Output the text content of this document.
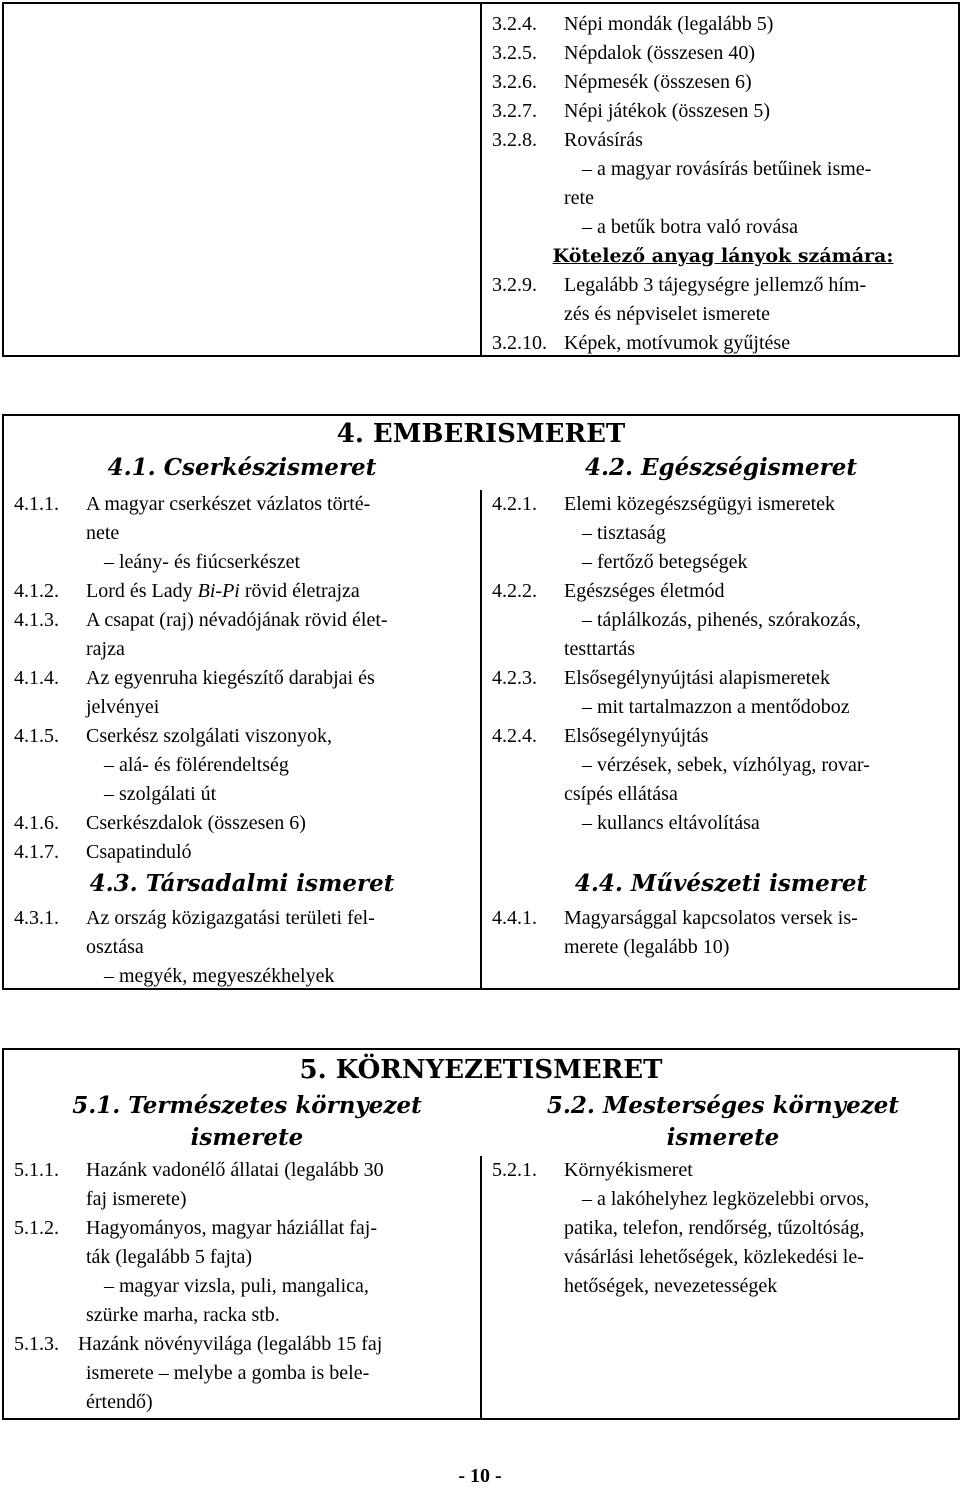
3.2.4. Népi mondák (legalább 5)
3.2.5. Népdalok (összesen 40)
3.2.6. Népmesék (összesen 6)
3.2.7. Népi játékok (összesen 5)
3.2.8. Rovásírás
– a magyar rovásírás betűinek isme-
rete
– a betűk botra való rovása
Kötelező anyag lányok számára:
3.2.9. Legalább 3 tájegységre jellemző hím-
zés és népviselet ismerete
3.2.10. Képek, motívumok gyűjtése
4. EMBERISMERET
4.1. Cserkészismeret	4.2. Egészségismeret
4.1.1. A magyar cserkészet vázlatos törté-
nete
– leány- és fiúcserkészet
4.1.2. Lord és Lady Bi-Pi rövid életrajza
4.1.3. A csapat (raj) névadójának rövid élet-
rajza
4.1.4. Az egyenruha kiegészítő darabjai és
jelvényei
4.1.5. Cserkész szolgálati viszonyok,
– alá- és fölérendeltség
– szolgálati út
4.1.6. Cserkészdalok (összesen 6)
4.1.7. Csapatinduló
4.2.1. Elemi közegészségügyi ismeretek
– tisztaság
– fertőző betegségek
4.2.2. Egészséges életmód
– táplálkozás, pihenés, szórakozás,
testtartás
4.2.3. Elsősegélynyújtási alapismeretek
– mit tartalmazzon a mentődoboz
4.2.4. Elsősegélynyújtás
– vérzések, sebek, vízhólyag, rovar-
csípés ellátása
– kullancs eltávolítása
4.3. Társadalmi ismeret	4.4. Művészeti ismeret
4.3.1. Az ország közigazgatási területi fel-
osztása
– megyék, megyeszékhelyek
4.4.1. Magyarsággal kapcsolatos versek is-
merete (legalább 10)
5. KÖRNYEZETISMERET
5.1. Természetes környezet
ismerete
5.2. Mesterséges környezet
ismerete
5.1.1. Hazánk vadonélő állatai (legalább 30
faj ismerete)
5.1.2. Hagyományos, magyar háziállat faj-
ták (legalább 5 fajta)
– magyar vizsla, puli, mangalica,
szürke marha, racka stb.
5.1.3. Hazánk növényvilága (legalább 15 faj
ismerete – melybe a gomba is bele-
értendő)
5.2.1. Környékismeret
– a lakóhelyhez legközelebbi orvos,
patika, telefon, rendőrség, tűzoltóság,
vásárlási lehetőségek, közlekedési le-
hetőségek, nevezetességek
- 10 -
